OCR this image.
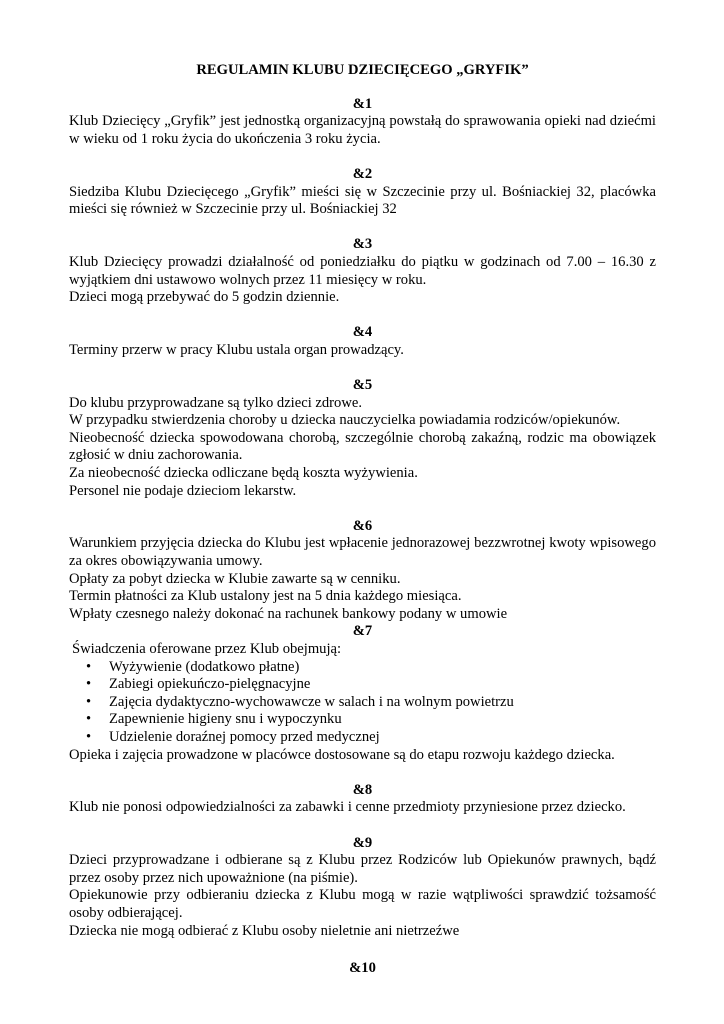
REGULAMIN KLUBU DZIECIĘCEGO „GRYFIK”

&1

Klub Dziecięcy „Gryfik” jest jednostką organizacyjną powstałą do sprawowania opieki nad dziećmi w wieku od 1 roku życia do ukończenia 3 roku życia.

&2

Siedziba Klubu Dziecięcego „Gryfik” mieści się w Szczecinie przy ul. Bośniackiej 32, placówka mieści się również w Szczecinie przy ul. Bośniackiej 32

&3

Klub Dziecięcy prowadzi działalność od poniedziałku do piątku w godzinach od 7.00 – 16.30 z wyjątkiem dni ustawowo wolnych przez 11 miesięcy w roku.

Dzieci mogą przebywać do 5 godzin dziennie.

&4

Terminy przerw w pracy Klubu ustala organ prowadzący.

&5

Do klubu przyprowadzane są tylko dzieci zdrowe.

W przypadku stwierdzenia choroby u dziecka nauczycielka powiadamia rodziców/opiekunów.

Nieobecność dziecka spowodowana chorobą, szczególnie chorobą zakaźną, rodzic ma obowiązek zgłosić w dniu zachorowania.

Za nieobecność dziecka odliczane będą koszta wyżywienia.

Personel nie podaje dzieciom lekarstw.

&6

Warunkiem przyjęcia dziecka do Klubu jest wpłacenie jednorazowej bezzwrotnej kwoty wpisowego za okres obowiązywania umowy.

Opłaty za pobyt dziecka w Klubie zawarte są w cenniku.

Termin płatności za Klub ustalony jest na 5 dnia każdego miesiąca.

Wpłaty czesnego należy dokonać na rachunek bankowy podany w umowie

&7

Świadczenia oferowane przez Klub obejmują:

• Wyżywienie (dodatkowo płatne)
• Zabiegi opiekuńczo-pielęgnacyjne
• Zajęcia dydaktyczno-wychowawcze w salach i na wolnym powietrzu
• Zapewnienie higieny snu i wypoczynku
• Udzielenie doraźnej pomocy przed medycznej

Opieka i zajęcia prowadzone w placówce dostosowane są do etapu rozwoju każdego dziecka.

&8

Klub nie ponosi odpowiedzialności za zabawki i cenne przedmioty przyniesione przez dziecko.

&9

Dzieci przyprowadzane i odbierane są z Klubu przez Rodziców lub Opiekunów prawnych, bądź przez osoby przez nich upoważnione (na piśmie).

Opiekunowie przy odbieraniu dziecka z Klubu mogą w razie wątpliwości sprawdzić tożsamość osoby odbierającej.

Dziecka nie mogą odbierać z Klubu osoby nieletnie ani nietrzeźwe

&10
